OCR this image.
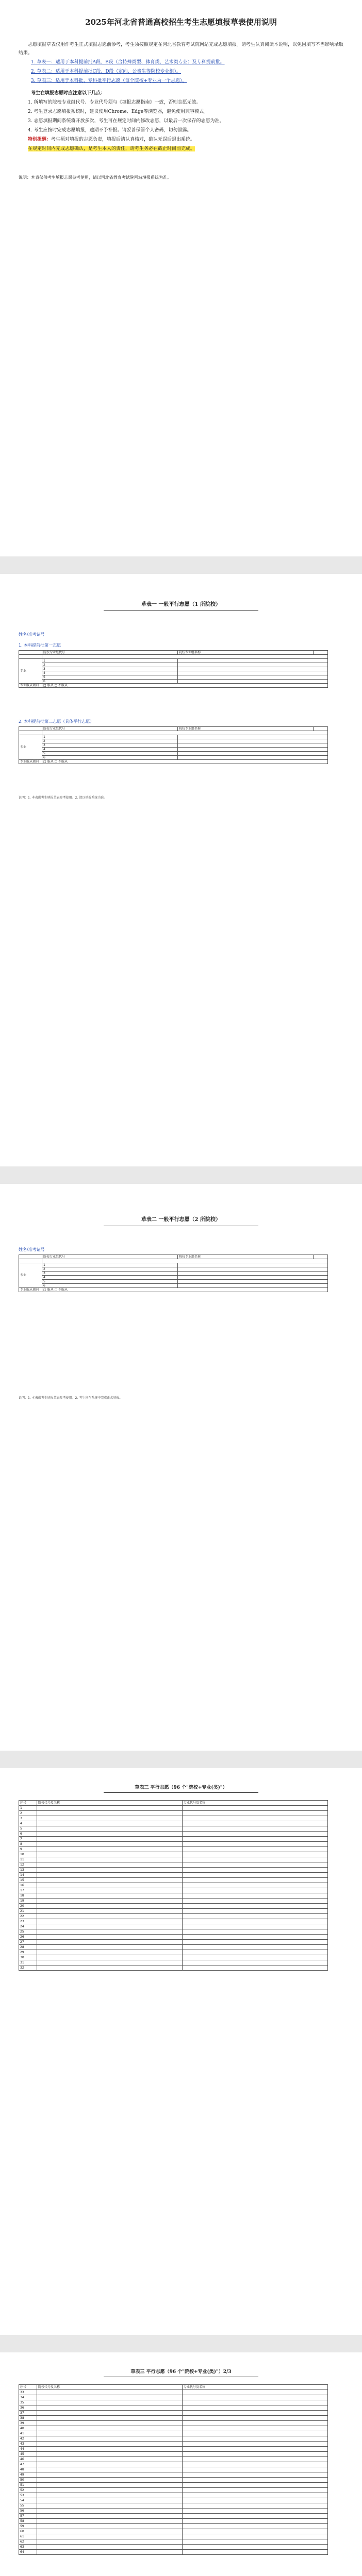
2025年河北省普通高校招生考生志愿填报草表使用说明

志愿填报草表仅用作考生正式填报志愿前参考，考生须按照规定在河北省教育考试院网站完成志愿填报。请考生认真阅读本说明，以免因填写不当影响录取结果。

1. 草表一：适用于本科提前批A段、B段（含特殊类型、体育类、艺术类专业）及专科提前批。

2. 草表二：适用于本科提前批C段、D段（定向、公费生等院校专业组）。

3. 草表三：适用于本科批、专科批平行志愿（每个院校+专业为一个志愿）。

考生在填报志愿时应注意以下几点：

1. 所填写的院校专业组代号、专业代号须与《填报志愿指南》一致，否则志愿无效。

2. 考生登录志愿填报系统时，建议使用Chrome、Edge等浏览器，避免使用兼容模式。

3. 志愿填报期间系统将开放多次，考生可在规定时间内修改志愿，以最后一次保存的志愿为准。

4. 考生应按时完成志愿填报，逾期不予补报。请妥善保管个人密码，切勿泄露。

特别提醒：考生须对填报的志愿负责，填报后请认真核对，确认无误后退出系统。

在规定时间内完成志愿确认，是考生本人的责任，请考生务必在截止时间前完成。

说明：本表仅供考生填报志愿参考使用，请以河北省教育考试院网站填报系统为准。

草表一 一般平行志愿（1 所院校）
姓名/准考证号
1. 本科提前批第一志愿
	院校专业组代号	院校专业组名称	

专业	1		
	2		
	3		
	4		
	5		
	6		
专业服从调剂	□ 服从 □ 不服从		
2. 本科提前批第二志愿（具体平行志愿）
	院校专业组代号	院校专业组名称	

专业	1		
	2		
	3		
	4		
	5		
	6		
专业服从调剂	□ 服从 □ 不服从		
说明：1. 本表供考生填报草表参考使用。2. 请以填报系统为准。
草表二 一般平行志愿（2 所院校）
姓名/准考证号
	院校专业组代号	院校专业组名称	

专业	1		
	2		
	3		
	4		
	5		
	6		
专业服从调剂	□ 服从 □ 不服从		
说明：1. 本表供考生填报草表参考使用。2. 考生须在系统中完成正式填报。
草表三 平行志愿（96 个"院校+专业(类)"）
序号	院校代号及名称	专业代号及名称
1		
2		
3		
4		
5		
6		
7		
8		
9		
10		
11		
12		
13		
14		
15		
16		
17		
18		
19		
20		
21		
22		
23		
24		
25		
26		
27		
28		
29		
30		
31		
32		
草表三 平行志愿（96 个"院校+专业(类)"）2/3
序号	院校代号及名称	专业代号及名称
33		
34		
35		
36		
37		
38		
39		
40		
41		
42		
43		
44		
45		
46		
47		
48		
49		
50		
51		
52		
53		
54		
55		
56		
57		
58		
59		
60		
61		
62		
63		
64		
